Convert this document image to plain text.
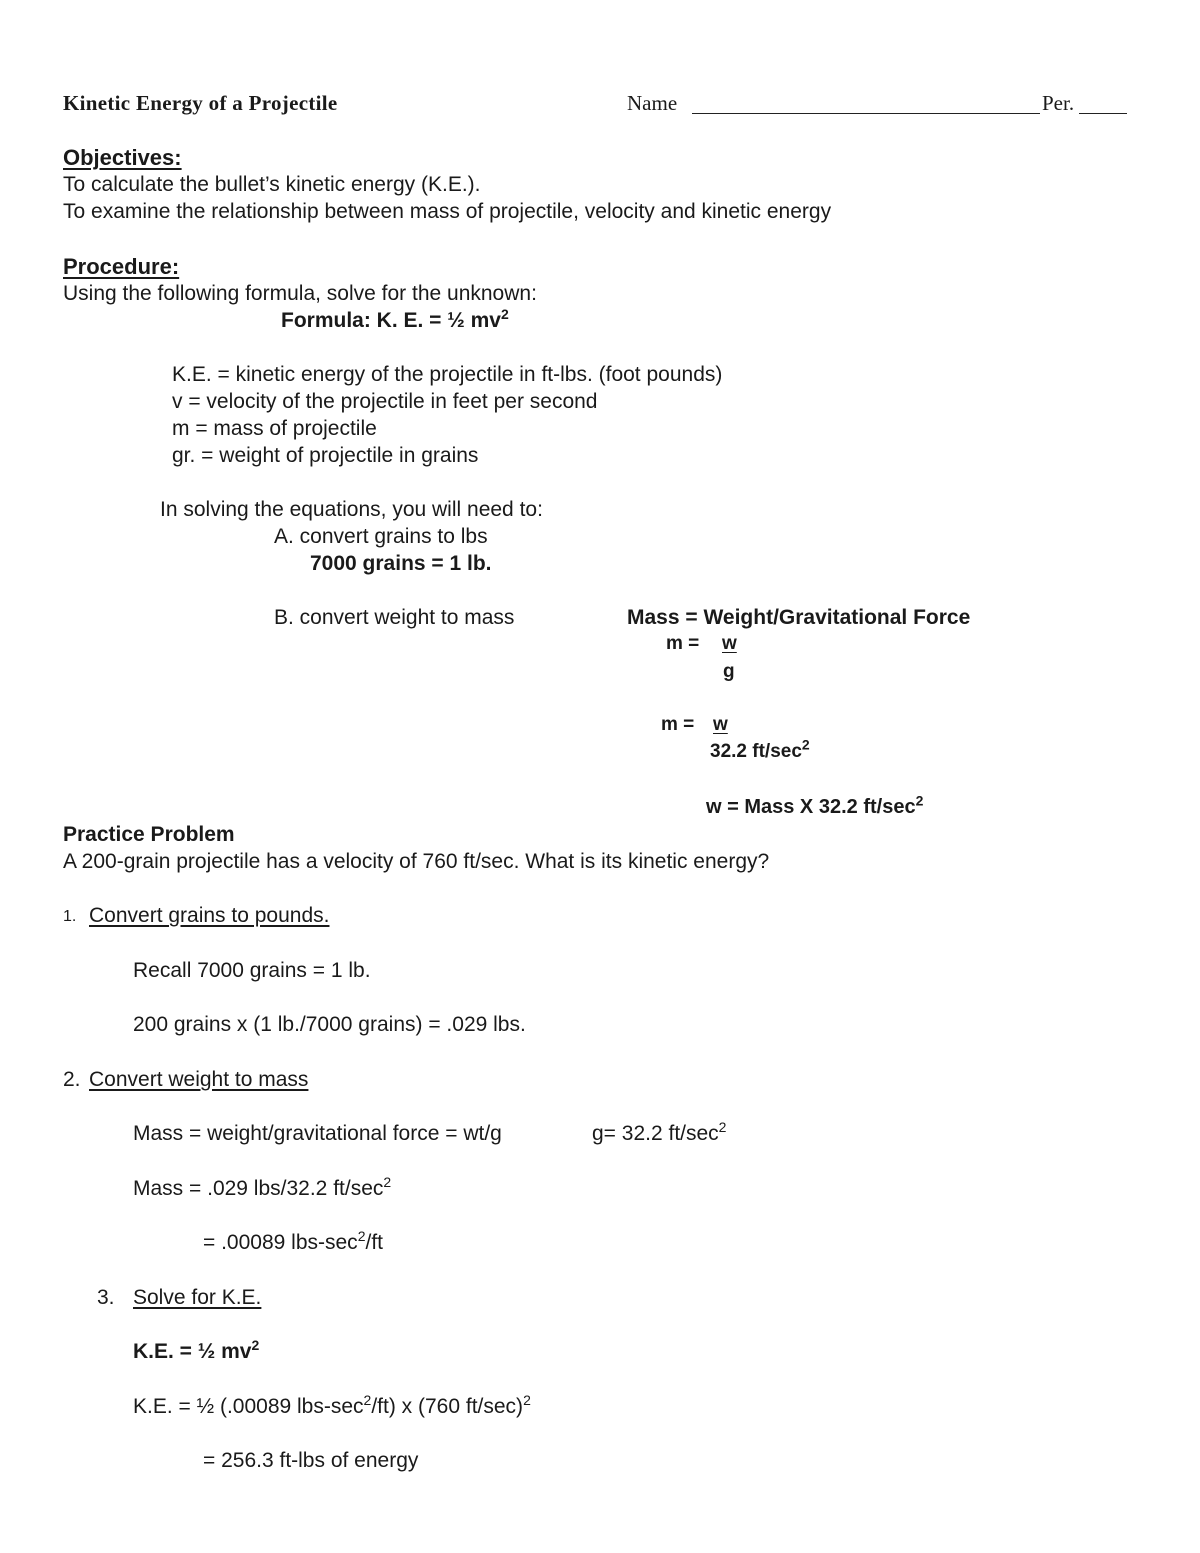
Kinetic Energy of a Projectile	Name	Per.
Objectives:
To calculate the bullet’s kinetic energy (K.E.).
To examine the relationship between mass of projectile, velocity and kinetic energy
Procedure:
Using the following formula, solve for the unknown:
Formula: K. E. = ½ $mv^2$
K.E. = kinetic energy of the projectile in ft-lbs. (foot pounds)
v = velocity of the projectile in feet per second
m = mass of projectile
gr. = weight of projectile in grains
In solving the equations, you will need to:
A. convert grains to lbs
7000 grains = 1 lb.
B. convert weight to mass	Mass = Weight/Gravitational Force
m = w
g
m = w
32.2 $ft/\sec^2$
w = Mass X 32.2 $ft/\sec^2$
Practice Problem
A 200-grain projectile has a velocity of 760 ft/sec. What is its kinetic energy?
1. Convert grains to pounds.
Recall 7000 grains = 1 lb.
200 grains x (1 lb./7000 grains) = .029 lbs.
2. Convert weight to mass
Mass = weight/gravitational force = wt/g	g= 32.2 $ft/\sec^2$
Mass = .029 lbs/32.2 $ft/\sec^2$
= .00089 lbs-$\sec^2/ft$
3. Solve for K.E.
K.E. = ½ $mv^2$
K.E. = ½ (.00089 lbs-$\sec^2/ft$) x (760 ft/sec)$^2$
= 256.3 ft-lbs of energy
